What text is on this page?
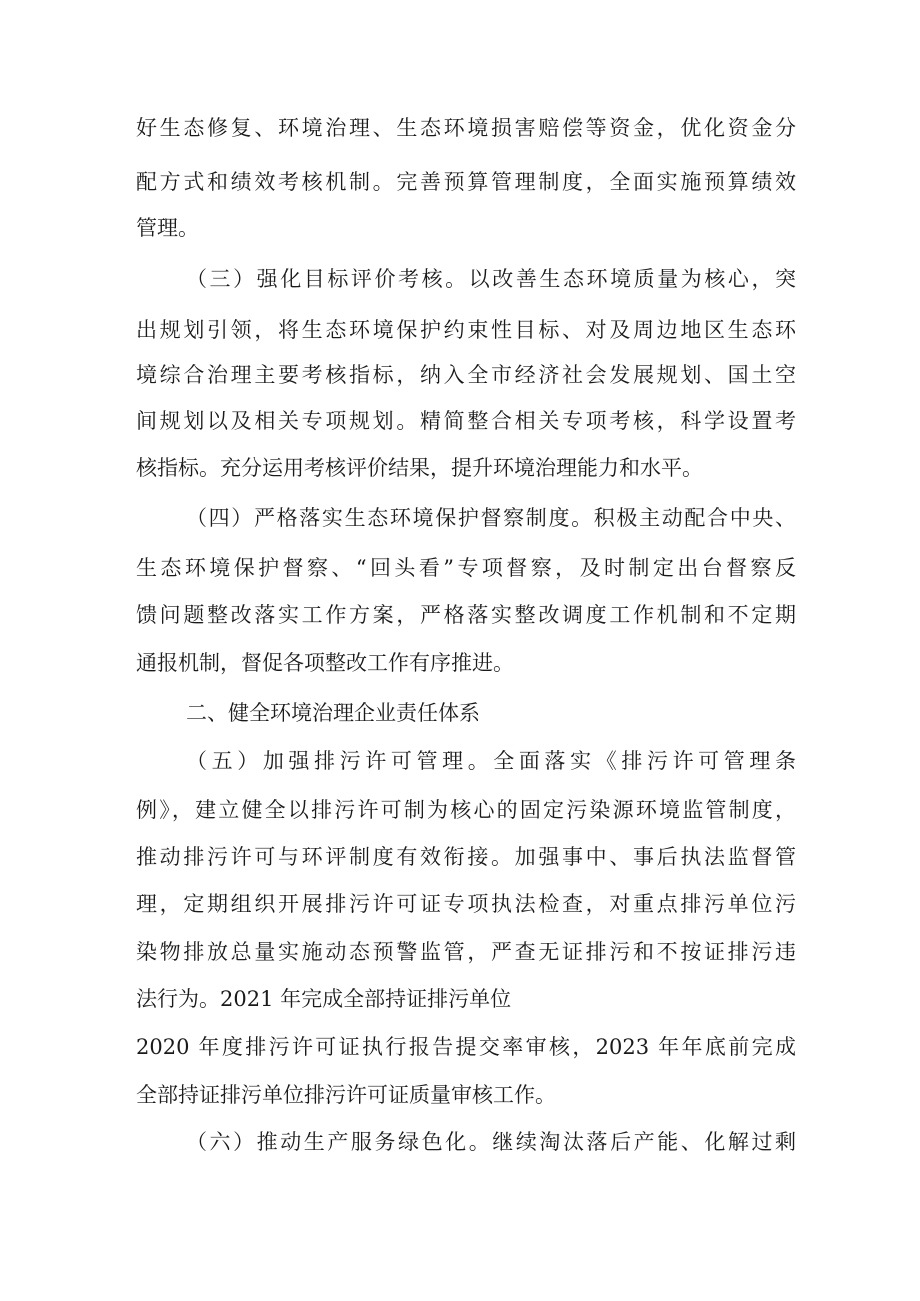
好生态修复、环境治理、生态环境损害赔偿等资金，优化资金分
配方式和绩效考核机制。完善预算管理制度，全面实施预算绩效
管理。
（三）强化目标评价考核。以改善生态环境质量为核心，突
出规划引领，将生态环境保护约束性目标、对及周边地区生态环
境综合治理主要考核指标，纳入全市经济社会发展规划、国土空
间规划以及相关专项规划。精简整合相关专项考核，科学设置考
核指标。充分运用考核评价结果，提升环境治理能力和水平。
（四）严格落实生态环境保护督察制度。积极主动配合中央、
生态环境保护督察、“回头看”专项督察，及时制定出台督察反
馈问题整改落实工作方案，严格落实整改调度工作机制和不定期
通报机制，督促各项整改工作有序推进。
二、健全环境治理企业责任体系
（五）加强排污许可管理。全面落实《排污许可管理条
例》，建立健全以排污许可制为核心的固定污染源环境监管制度，
推动排污许可与环评制度有效衔接。加强事中、事后执法监督管
理，定期组织开展排污许可证专项执法检查，对重点排污单位污
染物排放总量实施动态预警监管，严查无证排污和不按证排污违
法行为。2021 年完成全部持证排污单位
2020 年度排污许可证执行报告提交率审核，2023 年年底前完成
全部持证排污单位排污许可证质量审核工作。
（六）推动生产服务绿色化。继续淘汰落后产能、化解过剩
